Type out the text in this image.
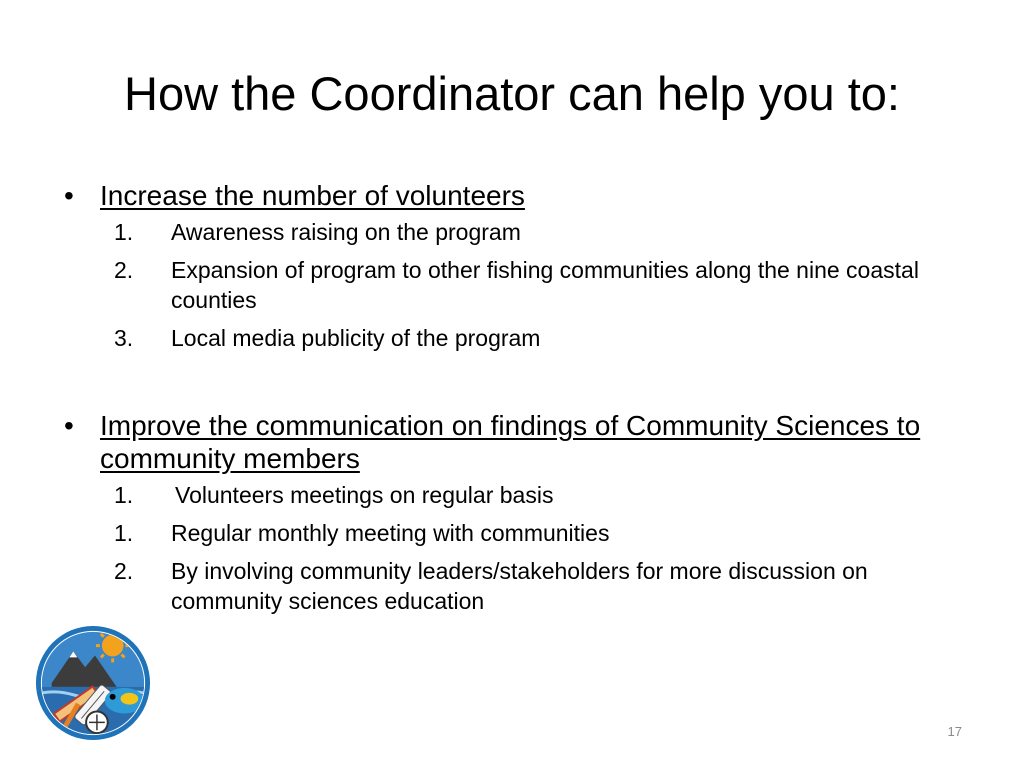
How the Coordinator can help you to:
• Increase the number of volunteers
1.	Awareness raising on the program
2.	Expansion of program to other fishing communities along the nine coastal counties
3.	Local media publicity of the program
• Improve the communication on findings of Community Sciences to community members
1.	Volunteers meetings on regular basis
1.	Regular monthly meeting with communities
2.	By involving community leaders/stakeholders for more discussion on community sciences education
17
